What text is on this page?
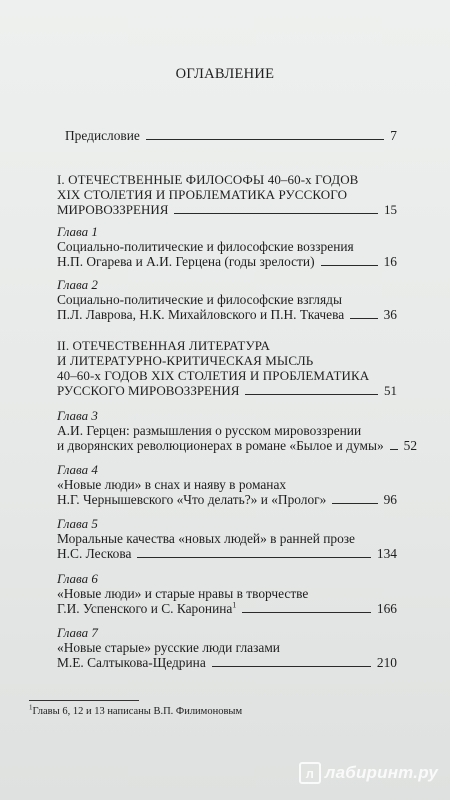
ОГЛАВЛЕНИЕ
Предисловие	7
I. ОТЕЧЕСТВЕННЫЕ ФИЛОСОФЫ 40–60-х ГОДОВ
XIX СТОЛЕТИЯ И ПРОБЛЕМАТИКА РУССКОГО
МИРОВОЗЗРЕНИЯ	15
Глава 1
Социально-политические и философские воззрения
Н.П. Огарева и А.И. Герцена (годы зрелости)	16
Глава 2
Социально-политические и философские взгляды
П.Л. Лаврова, Н.К. Михайловского и П.Н. Ткачева	36
II. ОТЕЧЕСТВЕННАЯ ЛИТЕРАТУРА
И ЛИТЕРАТУРНО-КРИТИЧЕСКАЯ МЫСЛЬ
40–60-х ГОДОВ XIX СТОЛЕТИЯ И ПРОБЛЕМАТИКА
РУССКОГО МИРОВОЗЗРЕНИЯ	51
Глава 3
А.И. Герцен: размышления о русском мировоззрении
и дворянских революционерах в романе «Былое и думы» 52
Глава 4
«Новые люди» в снах и наяву в романах
Н.Г. Чернышевского «Что делать?» и «Пролог»	96
Глава 5
Моральные качества «новых людей» в ранней прозе
Н.С. Лескова	134
Глава 6
«Новые люди» и старые нравы в творчестве
Г.И. Успенского и С. Каронина$^1$	166
Глава 7
«Новые старые» русские люди глазами
М.Е. Салтыкова-Щедрина	210
$^1$Главы 6, 12 и 13 написаны В.П. Филимоновым
л лабиринт.ру
